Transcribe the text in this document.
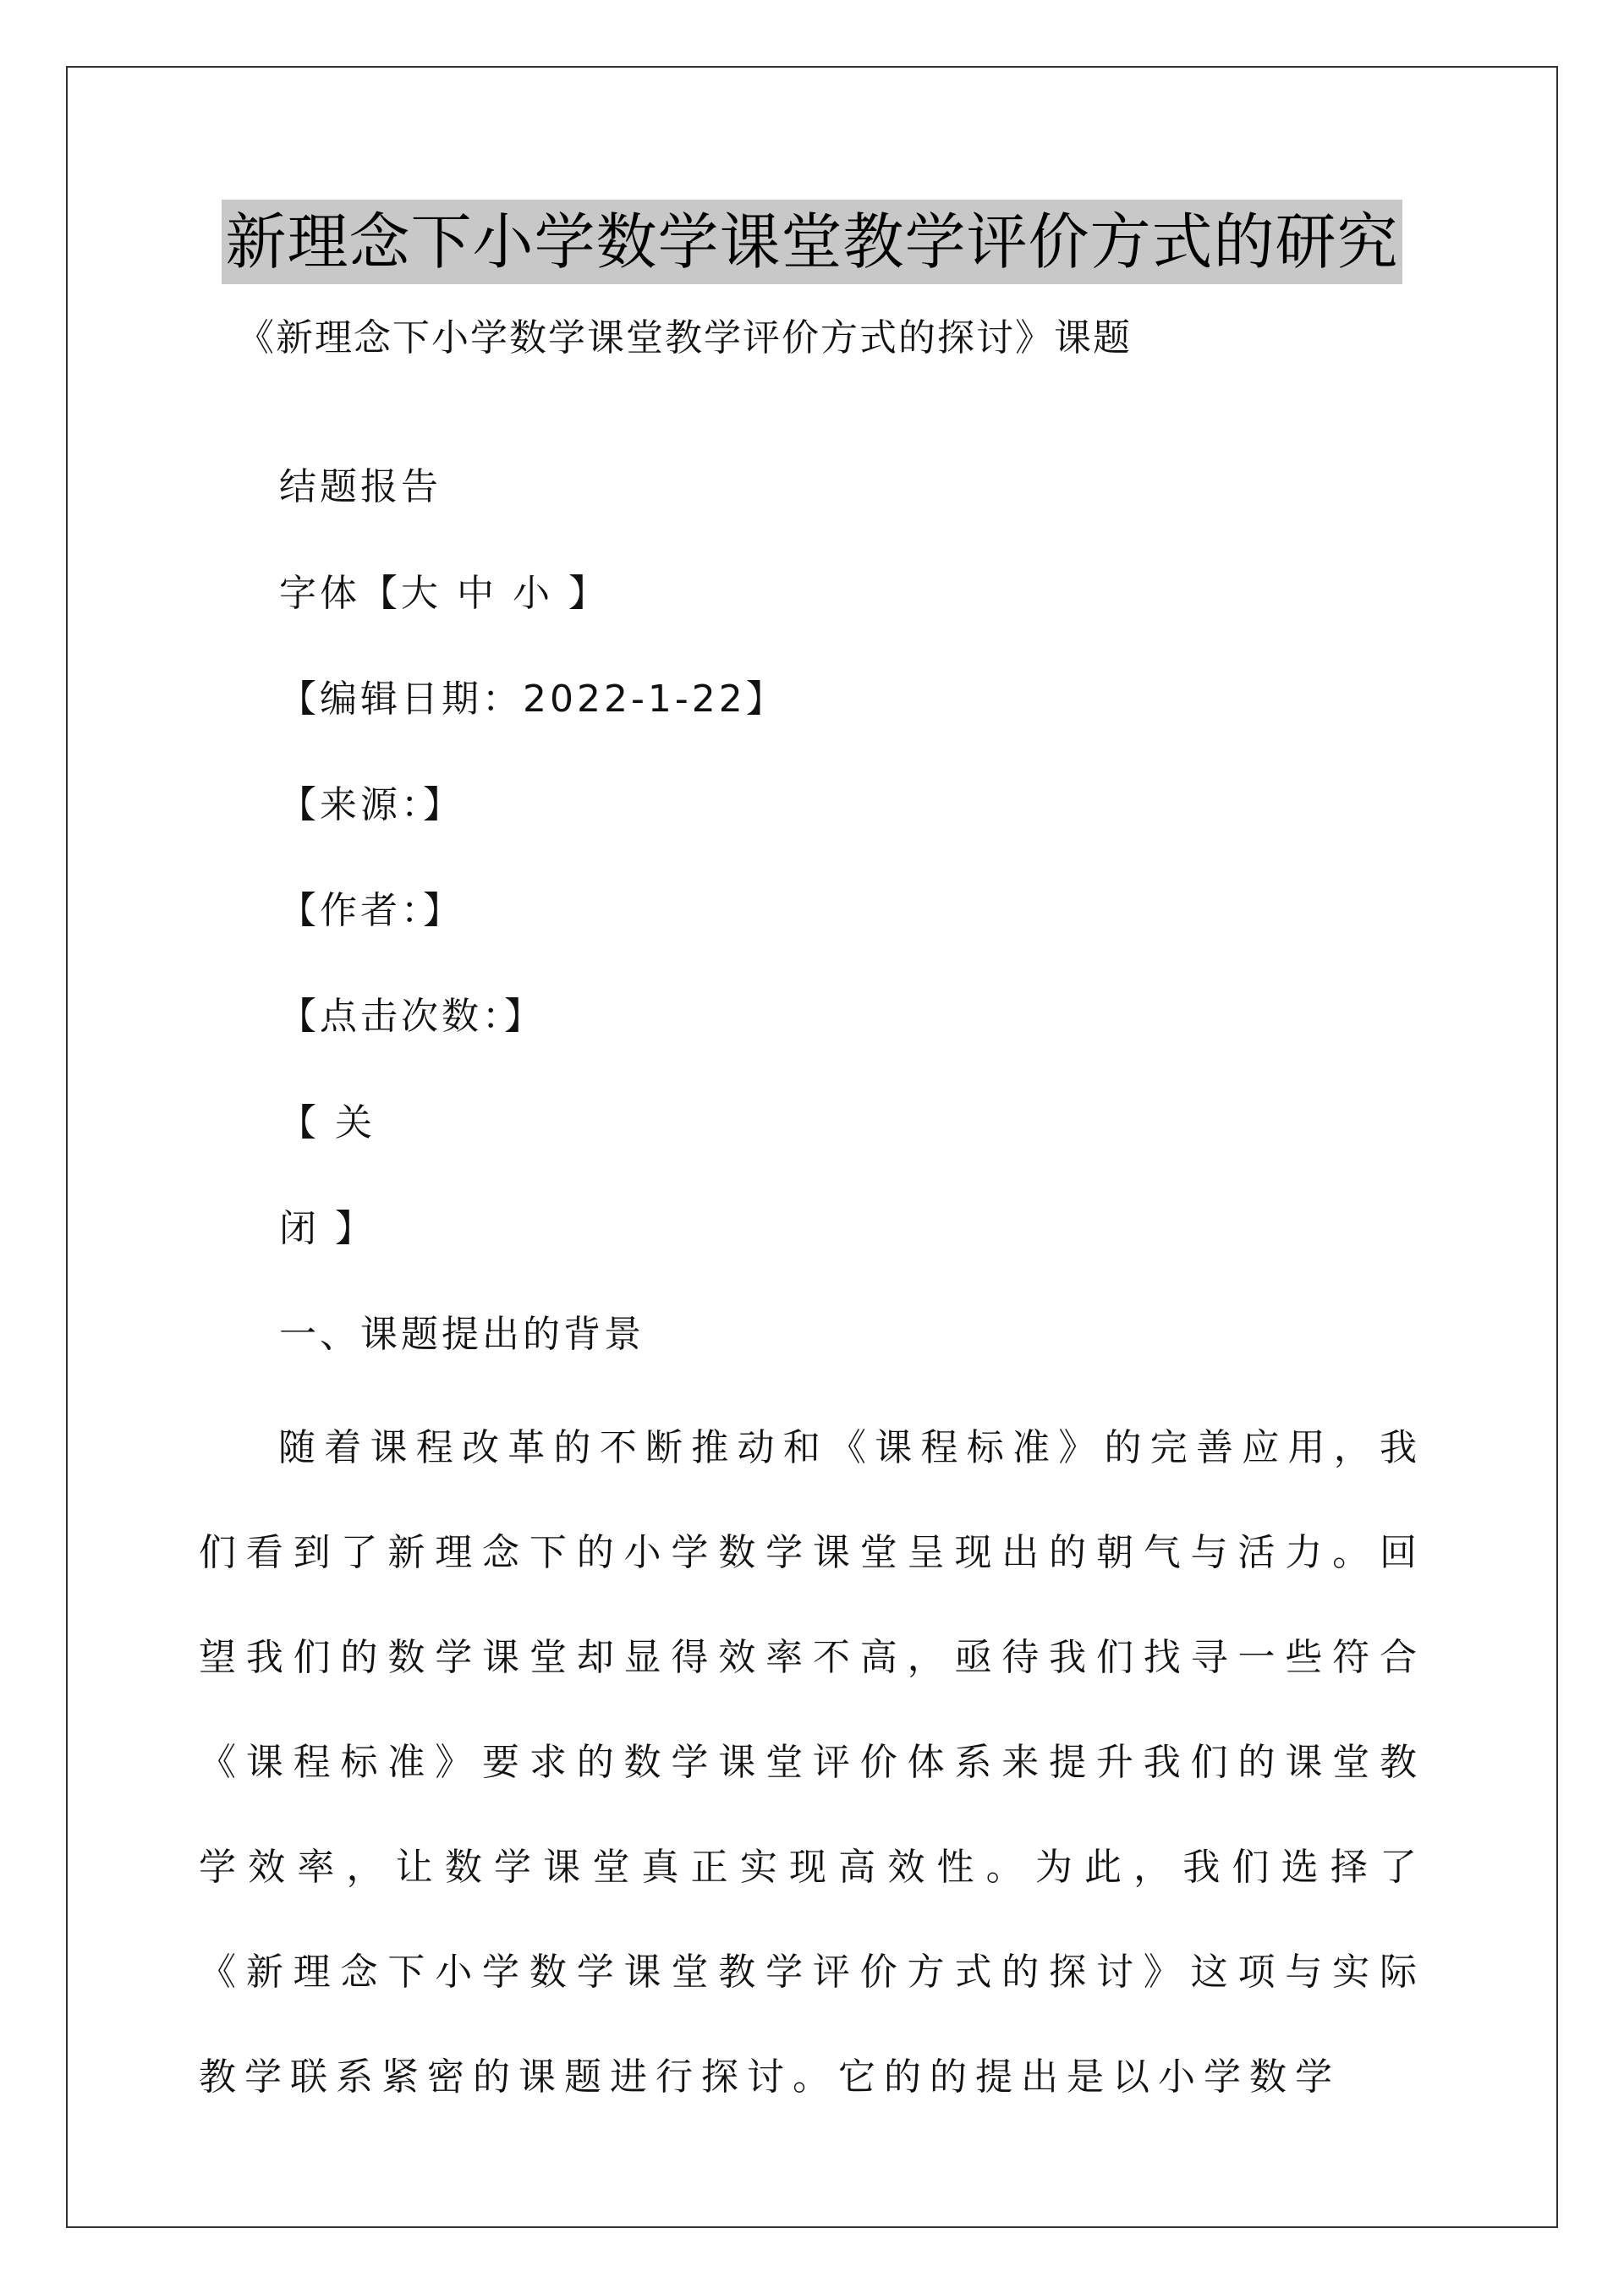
新理念下小学数学课堂教学评价方式的研究
《新理念下小学数学课堂教学评价方式的探讨》课题
结题报告
字体【大 中 小 】
【编辑日期：2022-1-22】
【来源：】
【作者：】
【点击次数：】
【 关
闭 】
一、课题提出的背景
随着课程改革的不断推动和《课程标准》的完善应用，我们看到了新理念下的小学数学课堂呈现出的朝气与活力。回望我们的数学课堂却显得效率不高，亟待我们找寻一些符合《课程标准》要求的数学课堂评价体系来提升我们的课堂教学效率，让数学课堂真正实现高效性。为此，我们选择了《新理念下小学数学课堂教学评价方式的探讨》这项与实际教学联系紧密的课题进行探讨。它的的提出是以小学数学
